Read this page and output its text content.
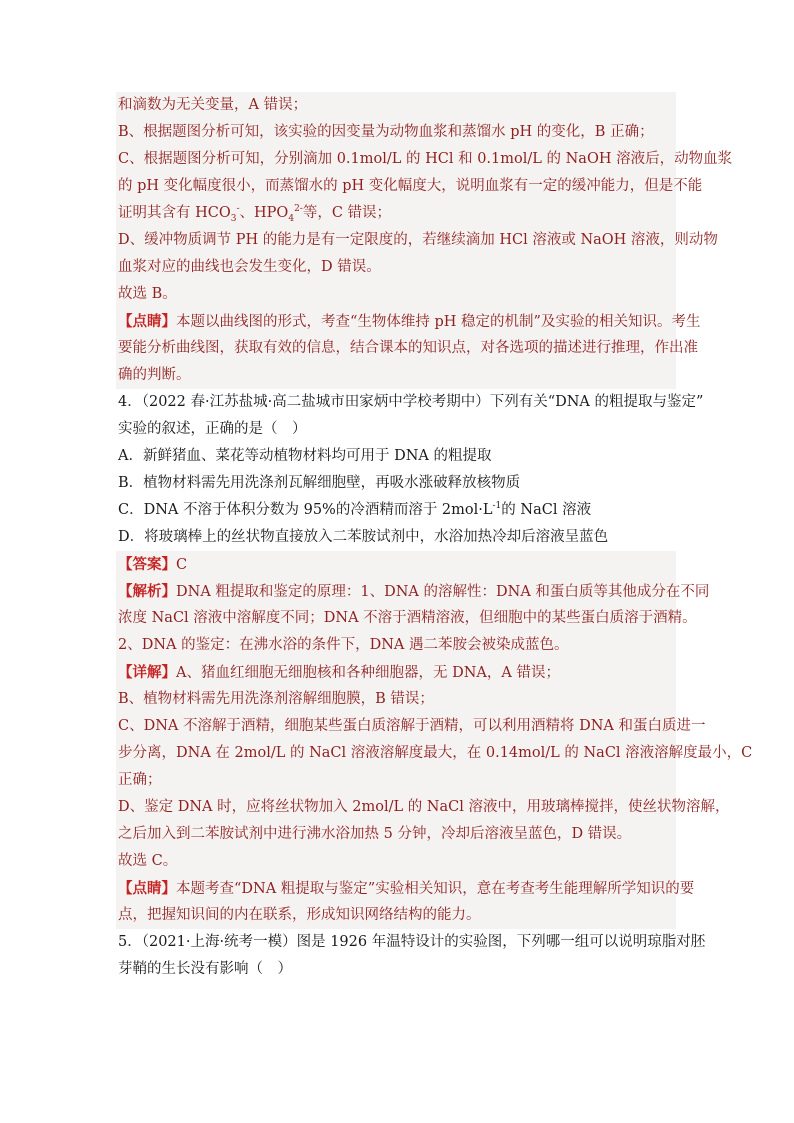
和滴数为无关变量，A 错误；
B、根据题图分析可知，该实验的因变量为动物血浆和蒸馏水 pH 的变化，B 正确；
C、根据题图分析可知，分别滴加 0.1mol/L 的 HCl 和 0.1mol/L 的 NaOH 溶液后，动物血浆
的 pH 变化幅度很小，而蒸馏水的 pH 变化幅度大，说明血浆有一定的缓冲能力，但是不能
证明其含有 $HCO_3^-$、$HPO_4^{2-}$等，C 错误；
D、缓冲物质调节 PH 的能力是有一定限度的，若继续滴加 HCl 溶液或 NaOH 溶液，则动物
血浆对应的曲线也会发生变化，D 错误。
故选 B。
【点睛】本题以曲线图的形式，考查“生物体维持 pH 稳定的机制”及实验的相关知识。考生
要能分析曲线图，获取有效的信息，结合课本的知识点，对各选项的描述进行推理，作出准
确的判断。
4．（2022 春·江苏盐城·高二盐城市田家炳中学校考期中）下列有关“DNA 的粗提取与鉴定”
实验的叙述，正确的是（　）
A．新鲜猪血、菜花等动植物材料均可用于 DNA 的粗提取
B．植物材料需先用洗涤剂瓦解细胞壁，再吸水涨破释放核物质
C．DNA 不溶于体积分数为 95%的冷酒精而溶于 $2mol\cdot L^{-1}$的 NaCl 溶液
D．将玻璃棒上的丝状物直接放入二苯胺试剂中，水浴加热冷却后溶液呈蓝色
【答案】C
【解析】DNA 粗提取和鉴定的原理：1、DNA 的溶解性：DNA 和蛋白质等其他成分在不同
浓度 NaCl 溶液中溶解度不同；DNA 不溶于酒精溶液，但细胞中的某些蛋白质溶于酒精。
2、DNA 的鉴定：在沸水浴的条件下，DNA 遇二苯胺会被染成蓝色。
【详解】A、猪血红细胞无细胞核和各种细胞器，无 DNA，A 错误；
B、植物材料需先用洗涤剂溶解细胞膜，B 错误；
C、DNA 不溶解于酒精，细胞某些蛋白质溶解于酒精，可以利用酒精将 DNA 和蛋白质进一
步分离，DNA 在 2mol/L 的 NaCl 溶液溶解度最大，在 0.14mol/L 的 NaCl 溶液溶解度最小，C
正确；
D、鉴定 DNA 时，应将丝状物加入 2mol/L 的 NaCl 溶液中，用玻璃棒搅拌，使丝状物溶解，
之后加入到二苯胺试剂中进行沸水浴加热 5 分钟，冷却后溶液呈蓝色，D 错误。
故选 C。
【点睛】本题考查“DNA 粗提取与鉴定”实验相关知识，意在考查考生能理解所学知识的要
点，把握知识间的内在联系，形成知识网络结构的能力。
5．（2021·上海·统考一模）图是 1926 年温特设计的实验图，下列哪一组可以说明琼脂对胚
芽鞘的生长没有影响（　）
